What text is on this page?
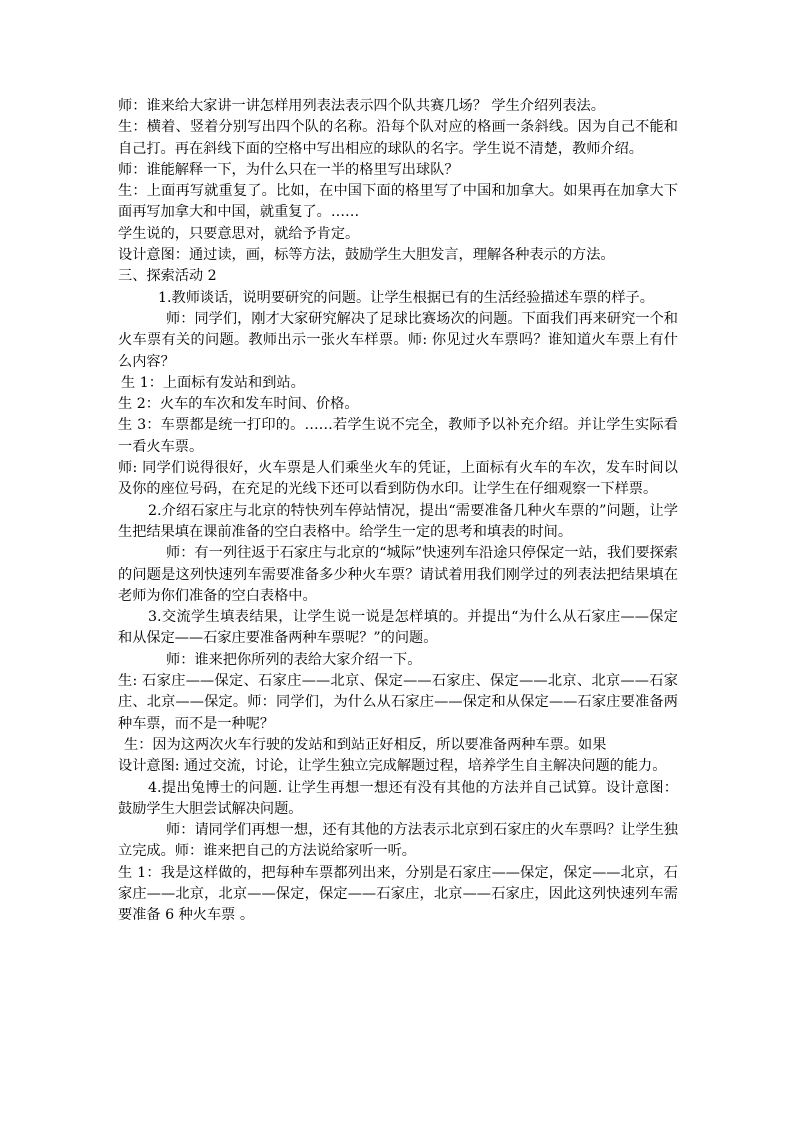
师：谁来给大家讲一讲怎样用列表法表示四个队共赛几场？ 学生介绍列表法。

生：横着、竖着分别写出四个队的名称。沿每个队对应的格画一条斜线。因为自己不能和自己打。再在斜线下面的空格中写出相应的球队的名字。学生说不清楚，教师介绍。

师：谁能解释一下，为什么只在一半的格里写出球队？

生：上面再写就重复了。比如，在中国下面的格里写了中国和加拿大。如果再在加拿大下面再写加拿大和中国，就重复了。……

学生说的，只要意思对，就给予肯定。

设计意图：通过读，画，标等方法，鼓励学生大胆发言，理解各种表示的方法。

三、探索活动 2

1.教师谈话，说明要研究的问题。让学生根据已有的生活经验描述车票的样子。

师：同学们，刚才大家研究解决了足球比赛场次的问题。下面我们再来研究一个和火车票有关的问题。教师出示一张火车样票。师: 你见过火车票吗？谁知道火车票上有什么内容？

生 1：上面标有发站和到站。

生 2：火车的车次和发车时间、价格。

生 3：车票都是统一打印的。……若学生说不完全，教师予以补充介绍。并让学生实际看一看火车票。

师: 同学们说得很好，火车票是人们乘坐火车的凭证，上面标有火车的车次，发车时间以及你的座位号码，在充足的光线下还可以看到防伪水印。让学生在仔细观察一下样票。

2.介绍石家庄与北京的特快列车停站情况，提出“需要准备几种火车票的”问题，让学生把结果填在课前准备的空白表格中。给学生一定的思考和填表的时间。

师：有一列往返于石家庄与北京的“城际”快速列车沿途只停保定一站，我们要探索的问题是这列快速列车需要准备多少种火车票？请试着用我们刚学过的列表法把结果填在老师为你们准备的空白表格中。

3.交流学生填表结果，让学生说一说是怎样填的。并提出“为什么从石家庄——保定和从保定——石家庄要准备两种车票呢？”的问题。

师：谁来把你所列的表给大家介绍一下。

生: 石家庄——保定、石家庄——北京、保定——石家庄、保定——北京、北京——石家庄、北京——保定。师：同学们，为什么从石家庄——保定和从保定——石家庄要准备两种车票，而不是一种呢？

生：因为这两次火车行驶的发站和到站正好相反，所以要准备两种车票。如果

设计意图: 通过交流，讨论，让学生独立完成解题过程，培养学生自主解决问题的能力。

4.提出兔博士的问题. 让学生再想一想还有没有其他的方法并自己试算。设计意图：鼓励学生大胆尝试解决问题。

师：请同学们再想一想，还有其他的方法表示北京到石家庄的火车票吗？让学生独立完成。师：谁来把自己的方法说给家听一听。

生 1：我是这样做的，把每种车票都列出来，分别是石家庄——保定，保定——北京，石家庄——北京，北京——保定，保定——石家庄，北京——石家庄，因此这列快速列车需要准备 6 种火车票 。
